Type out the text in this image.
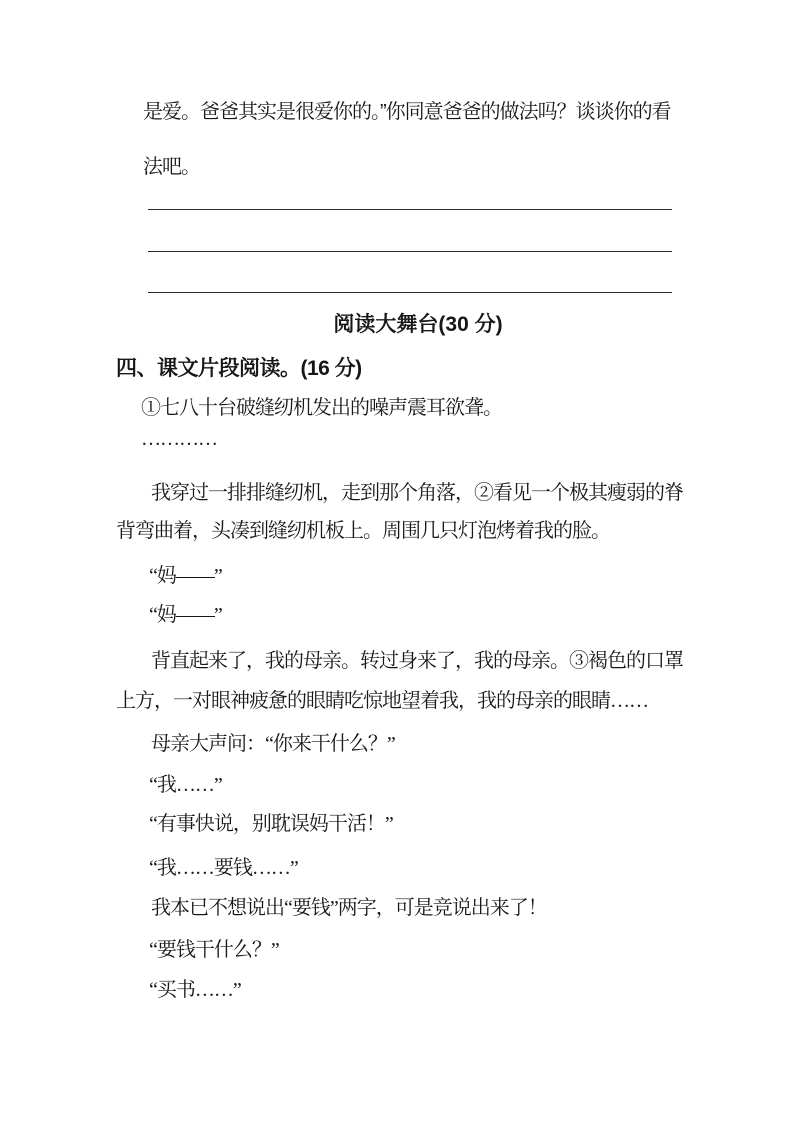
是爱。爸爸其实是很爱你的。”你同意爸爸的做法吗？谈谈你的看
法吧。
阅读大舞台(30 分)
四、课文片段阅读。(16 分)
①七八十台破缝纫机发出的噪声震耳欲聋。
…………
我穿过一排排缝纫机，走到那个角落，②看见一个极其瘦弱的脊
背弯曲着，头凑到缝纫机板上。周围几只灯泡烤着我的脸。
“妈——”
“妈——”
背直起来了，我的母亲。转过身来了，我的母亲。③褐色的口罩
上方，一对眼神疲惫的眼睛吃惊地望着我，我的母亲的眼睛……
母亲大声问：“你来干什么？”
“我……”
“有事快说，别耽误妈干活！”
“我……要钱……”
我本已不想说出“要钱”两字，可是竞说出来了！
“要钱干什么？”
“买书……”
